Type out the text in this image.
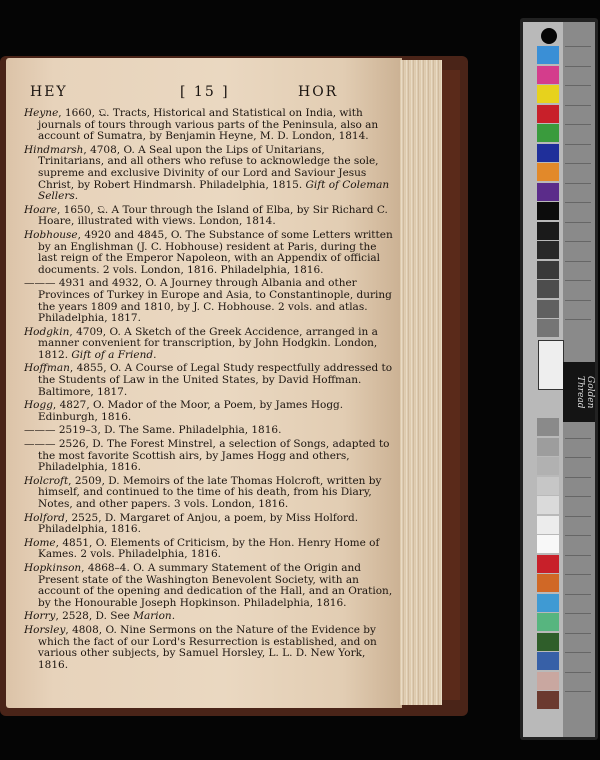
HEY	[ 15 ]	HOR
Heyne, 1660, 𝔔. Tracts, Historical and Statistical on India, with journals of tours through various parts of the Peninsula, also an account of Sumatra, by Benjamin Heyne, M. D. London, 1814.
Hindmarsh, 4708, O. A Seal upon the Lips of Unitarians, Trinitarians, and all others who refuse to acknowledge the sole, supreme and exclusive Divinity of our Lord and Saviour Jesus Christ, by Robert Hindmarsh. Philadelphia, 1815. Gift of Coleman Sellers.
Hoare, 1650, 𝔔. A Tour through the Island of Elba, by Sir Richard C. Hoare, illustrated with views. London, 1814.
Hobhouse, 4920 and 4845, O. The Substance of some Letters written by an Englishman (J. C. Hobhouse) resident at Paris, during the last reign of the Emperor Napoleon, with an Appendix of official documents. 2 vols. London, 1816. Philadelphia, 1816.
——— 4931 and 4932, O. A Journey through Albania and other Provinces of Turkey in Europe and Asia, to Constantinople, during the years 1809 and 1810, by J. C. Hobhouse. 2 vols. and atlas. Philadelphia, 1817.
Hodgkin, 4709, O. A Sketch of the Greek Accidence, arranged in a manner convenient for transcription, by John Hodgkin. London, 1812. Gift of a Friend.
Hoffman, 4855, O. A Course of Legal Study respectfully addressed to the Students of Law in the United States, by David Hoffman. Baltimore, 1817.
Hogg, 4827, O. Mador of the Moor, a Poem, by James Hogg. Edinburgh, 1816.
——— 2519–3, D. The Same. Philadelphia, 1816.
——— 2526, D. The Forest Minstrel, a selection of Songs, adapted to the most favorite Scottish airs, by James Hogg and others, Philadelphia, 1816.
Holcroft, 2509, D. Memoirs of the late Thomas Holcroft, written by himself, and continued to the time of his death, from his Diary, Notes, and other papers. 3 vols. London, 1816.
Holford, 2525, D. Margaret of Anjou, a poem, by Miss Holford. Philadelphia, 1816.
Home, 4851, O. Elements of Criticism, by the Hon. Henry Home of Kames. 2 vols. Philadelphia, 1816.
Hopkinson, 4868–4. O. A summary Statement of the Origin and Present state of the Washington Benevolent Society, with an account of the opening and dedication of the Hall, and an Oration, by the Honourable Joseph Hopkinson. Philadelphia, 1816.
Horry, 2528, D. See Marion.
Horsley, 4808, O. Nine Sermons on the Nature of the Evidence by which the fact of our Lord's Resurrection is established, and on various other subjects, by Samuel Horsley, L. L. D. New York, 1816.
Golden Thread
